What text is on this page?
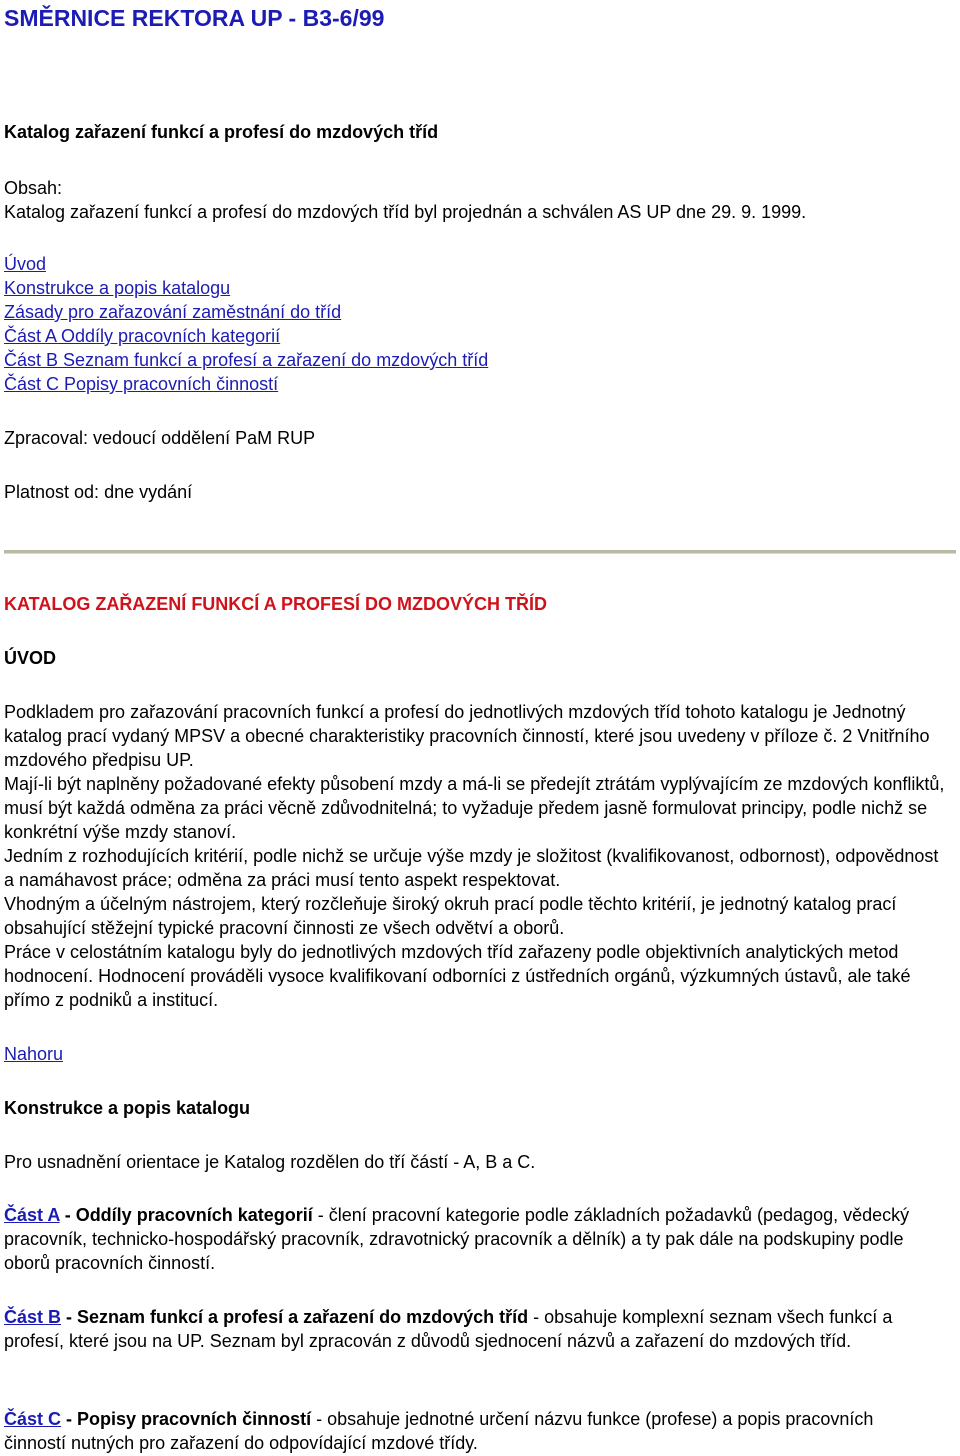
SMĚRNICE REKTORA UP - B3-6/99
Katalog zařazení funkcí a profesí do mzdových tříd
Obsah:
Katalog zařazení funkcí a profesí do mzdových tříd byl projednán a schválen AS UP dne 29. 9. 1999.
Úvod
Konstrukce a popis katalogu
Zásady pro zařazování zaměstnání do tříd
Část A Oddíly pracovních kategorií
Část B Seznam funkcí a profesí a zařazení do mzdových tříd
Část C Popisy pracovních činností
Zpracoval: vedoucí oddělení PaM RUP
Platnost od: dne vydání
KATALOG ZAŘAZENÍ FUNKCÍ A PROFESÍ DO MZDOVÝCH TŘÍD
ÚVOD
Podkladem pro zařazování pracovních funkcí a profesí do jednotlivých mzdových tříd tohoto katalogu je Jednotný katalog prací vydaný MPSV a obecné charakteristiky pracovních činností, které jsou uvedeny v příloze č. 2 Vnitřního mzdového předpisu UP.
Mají-li být naplněny požadované efekty působení mzdy a má-li se předejít ztrátám vyplývajícím ze mzdových konfliktů, musí být každá odměna za práci věcně zdůvodnitelná; to vyžaduje předem jasně formulovat principy, podle nichž se konkrétní výše mzdy stanoví.
Jedním z rozhodujících kritérií, podle nichž se určuje výše mzdy je složitost (kvalifikovanost, odbornost), odpovědnost a namáhavost práce; odměna za práci musí tento aspekt respektovat.
Vhodným a účelným nástrojem, který rozčleňuje široký okruh prací podle těchto kritérií, je jednotný katalog prací obsahující stěžejní typické pracovní činnosti ze všech odvětví a oborů.
Práce v celostátním katalogu byly do jednotlivých mzdových tříd zařazeny podle objektivních analytických metod hodnocení. Hodnocení prováděli vysoce kvalifikovaní odborníci z ústředních orgánů, výzkumných ústavů, ale také přímo z podniků a institucí.
Nahoru
Konstrukce a popis katalogu
Pro usnadnění orientace je Katalog rozdělen do tří částí - A, B a C.
Část A - Oddíly pracovních kategorií - člení pracovní kategorie podle základních požadavků (pedagog, vědecký pracovník, technicko-hospodářský pracovník, zdravotnický pracovník a dělník) a ty pak dále na podskupiny podle oborů pracovních činností.
Část B - Seznam funkcí a profesí a zařazení do mzdových tříd - obsahuje komplexní seznam všech funkcí a profesí, které jsou na UP. Seznam byl zpracován z důvodů sjednocení názvů a zařazení do mzdových tříd.
Část C - Popisy pracovních činností - obsahuje jednotné určení názvu funkce (profese) a popis pracovních činností nutných pro zařazení do odpovídající mzdové třídy.
